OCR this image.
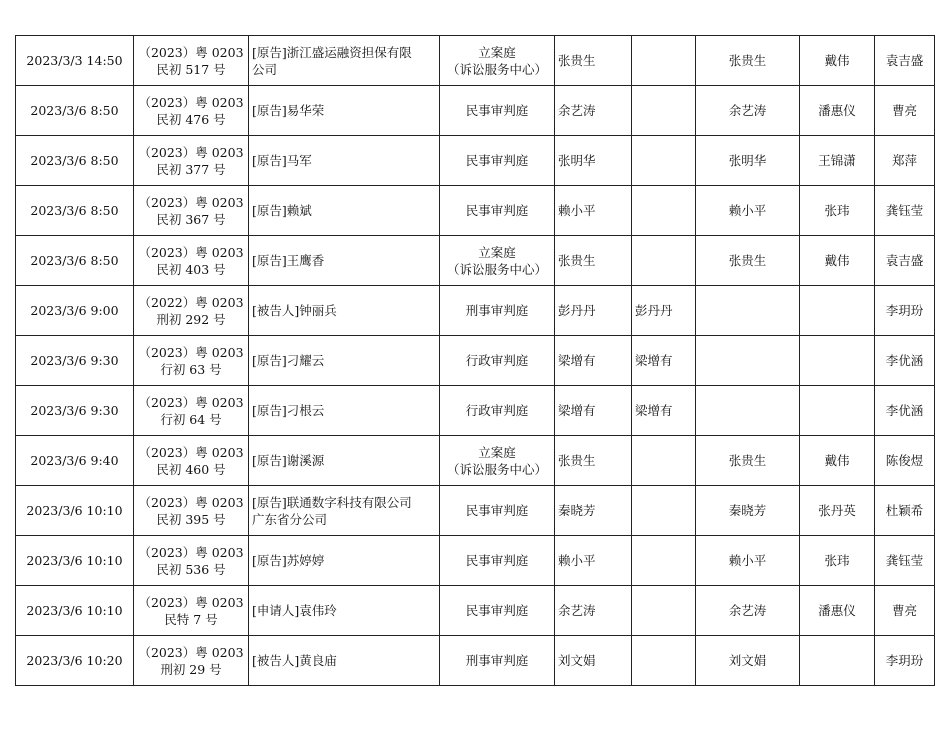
2023/3/3 14:50	（2023）粤 0203
民初 517 号	[原告]浙江盛运融资担保有限
公司	立案庭
（诉讼服务中心）	张贵生		张贵生	戴伟	袁吉盛

2023/3/6 8:50	（2023）粤 0203
民初 476 号	[原告]易华荣	民事审判庭	余艺涛		余艺涛	潘惠仪	曹亮

2023/3/6 8:50	（2023）粤 0203
民初 377 号	[原告]马军	民事审判庭	张明华		张明华	王锦潇	郑萍

2023/3/6 8:50	（2023）粤 0203
民初 367 号	[原告]赖斌	民事审判庭	赖小平		赖小平	张玮	龚钰莹

2023/3/6 8:50	（2023）粤 0203
民初 403 号	[原告]王鹰香	立案庭
（诉讼服务中心）	张贵生		张贵生	戴伟	袁吉盛

2023/3/6 9:00	（2022）粤 0203
刑初 292 号	[被告人]钟丽兵	刑事审判庭	彭丹丹	彭丹丹			李玥玢

2023/3/6 9:30	（2023）粤 0203
行初 63 号	[原告]刁耀云	行政审判庭	梁增有	梁增有			李优涵

2023/3/6 9:30	（2023）粤 0203
行初 64 号	[原告]刁根云	行政审判庭	梁增有	梁增有			李优涵

2023/3/6 9:40	（2023）粤 0203
民初 460 号	[原告]谢溪源	立案庭
（诉讼服务中心）	张贵生		张贵生	戴伟	陈俊煜

2023/3/6 10:10	（2023）粤 0203
民初 395 号	[原告]联通数字科技有限公司
广东省分公司	民事审判庭	秦晓芳		秦晓芳	张丹英	杜颖希

2023/3/6 10:10	（2023）粤 0203
民初 536 号	[原告]苏婷婷	民事审判庭	赖小平		赖小平	张玮	龚钰莹

2023/3/6 10:10	（2023）粤 0203
民特 7 号	[申请人]袁伟玲	民事审判庭	余艺涛		余艺涛	潘惠仪	曹亮

2023/3/6 10:20	（2023）粤 0203
刑初 29 号	[被告人]黄良庙	刑事审判庭	刘文娟		刘文娟		李玥玢
